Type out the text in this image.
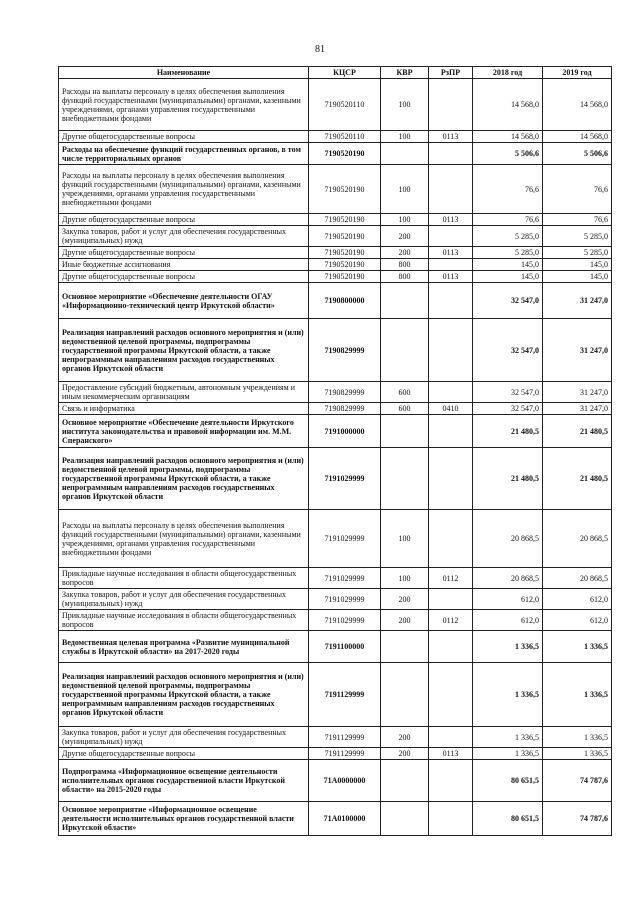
81
Наименование	КЦСР	КВР	РзПР	2018 год	2019 год
Расходы на выплаты персоналу в целях обеспечения выполнения функций государственными (муниципальными) органами, казенными учреждениями, органами управления государственными внебюджетными фондами	7190520110	100		14 568,0	14 568,0
Другие общегосударственные вопросы	7190520110	100	0113	14 568,0	14 568,0
Расходы на обеспечение функций государственных органов, в том числе территориальных органов	7190520190			5 506,6	5 506,6
Расходы на выплаты персоналу в целях обеспечения выполнения функций государственными (муниципальными) органами, казенными учреждениями, органами управления государственными внебюджетными фондами	7190520190	100		76,6	76,6
Другие общегосударственные вопросы	7190520190	100	0113	76,6	76,6
Закупка товаров, работ и услуг для обеспечения государственных (муниципальных) нужд	7190520190	200		5 285,0	5 285,0
Другие общегосударственные вопросы	7190520190	200	0113	5 285,0	5 285,0
Иные бюджетные ассигнования	7190520190	800		145,0	145,0
Другие общегосударственные вопросы	7190520190	800	0113	145,0	145,0
Основное мероприятие «Обеспечение деятельности ОГАУ «Информационно-технический центр Иркутской области»	7190800000			32 547,0	31 247,0
Реализация направлений расходов основного мероприятия и (или) ведомственной целевой программы, подпрограммы государственной программы Иркутской области, а также непрограммным направлениям расходов государственных органов Иркутской области	7190829999			32 547,0	31 247,0
Предоставление субсидий бюджетным, автономным учреждениям и иным некоммерческим организациям	7190829999	600		32 547,0	31 247,0
Связь и информатика	7190829999	600	0410	32 547,0	31 247,0
Основное мероприятие «Обеспечение деятельности Иркутского института законодательства и правовой информации им. М.М. Сперанского»	7191000000			21 480,5	21 480,5
Реализация направлений расходов основного мероприятия и (или) ведомственной целевой программы, подпрограммы государственной программы Иркутской области, а также непрограммным направлениям расходов государственных органов Иркутской области	7191029999			21 480,5	21 480,5
Расходы на выплаты персоналу в целях обеспечения выполнения функций государственными (муниципальными) органами, казенными учреждениями, органами управления государственными внебюджетными фондами	7191029999	100		20 868,5	20 868,5
Прикладные научные исследования в области общегосударственных вопросов	7191029999	100	0112	20 868,5	20 868,5
Закупка товаров, работ и услуг для обеспечения государственных (муниципальных) нужд	7191029999	200		612,0	612,0
Прикладные научные исследования в области общегосударственных вопросов	7191029999	200	0112	612,0	612,0
Ведомственная целевая программа «Развитие муниципальной службы в Иркутской области» на 2017-2020 годы	7191100000			1 336,5	1 336,5
Реализация направлений расходов основного мероприятия и (или) ведомственной целевой программы, подпрограммы государственной программы Иркутской области, а также непрограммным направлениям расходов государственных органов Иркутской области	7191129999			1 336,5	1 336,5
Закупка товаров, работ и услуг для обеспечения государственных (муниципальных) нужд	7191129999	200		1 336,5	1 336,5
Другие общегосударственные вопросы	7191129999	200	0113	1 336,5	1 336,5
Подпрограмма «Информационное освещение деятельности исполнительных органов государственной власти Иркутской области» на 2015-2020 годы	71А0000000			80 651,5	74 787,6
Основное мероприятие «Информационное освещение деятельности исполнительных органов государственной власти Иркутской области»	71А0100000			80 651,5	74 787,6
